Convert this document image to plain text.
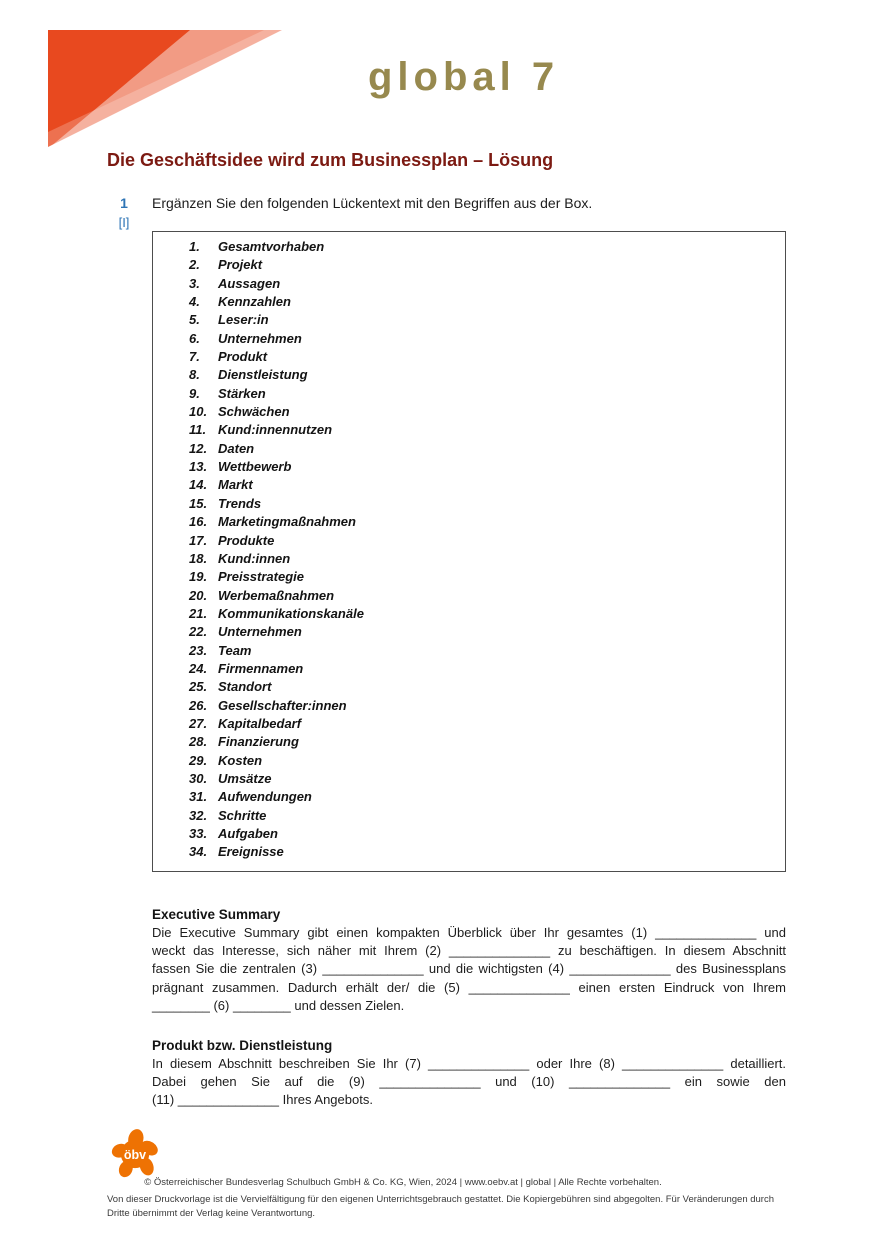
global 7
Die Geschäftsidee wird zum Businessplan – Lösung
1
[I]
Ergänzen Sie den folgenden Lückentext mit den Begriffen aus der Box.
1.	Gesamtvorhaben
2.	Projekt
3.	Aussagen
4.	Kennzahlen
5.	Leser:in
6.	Unternehmen
7.	Produkt
8.	Dienstleistung
9.	Stärken
10. Schwächen
11. Kund:innennutzen
12. Daten
13. Wettbewerb
14. Markt
15. Trends
16. Marketingmaßnahmen
17. Produkte
18. Kund:innen
19. Preisstrategie
20. Werbemaßnahmen
21. Kommunikationskanäle
22. Unternehmen
23. Team
24. Firmennamen
25. Standort
26. Gesellschafter:innen
27. Kapitalbedarf
28. Finanzierung
29. Kosten
30. Umsätze
31. Aufwendungen
32. Schritte
33. Aufgaben
34. Ereignisse
Executive Summary
Die Executive Summary gibt einen kompakten Überblick über Ihr gesamtes (1) ______________ und
weckt das Interesse, sich näher mit Ihrem (2) ______________ zu beschäftigen. In diesem Abschnitt
fassen Sie die zentralen (3) ______________ und die wichtigsten (4) ______________ des Businessplans
prägnant zusammen. Dadurch erhält der/ die (5) ______________ einen ersten Eindruck von Ihrem
________ (6) ________ und dessen Zielen.
Produkt bzw. Dienstleistung
In diesem Abschnitt beschreiben Sie Ihr (7) ______________ oder Ihre (8) ______________ detailliert.
Dabei gehen Sie auf die (9) ______________ und (10) ______________ ein sowie den
(11) ______________ Ihres Angebots.
öbv
© Österreichischer Bundesverlag Schulbuch GmbH & Co. KG, Wien, 2024 | www.oebv.at | global | Alle Rechte vorbehalten.
Von dieser Druckvorlage ist die Vervielfältigung für den eigenen Unterrichtsgebrauch gestattet. Die Kopiergebühren sind abgegolten. Für Veränderungen durch Dritte übernimmt der Verlag keine Verantwortung.
